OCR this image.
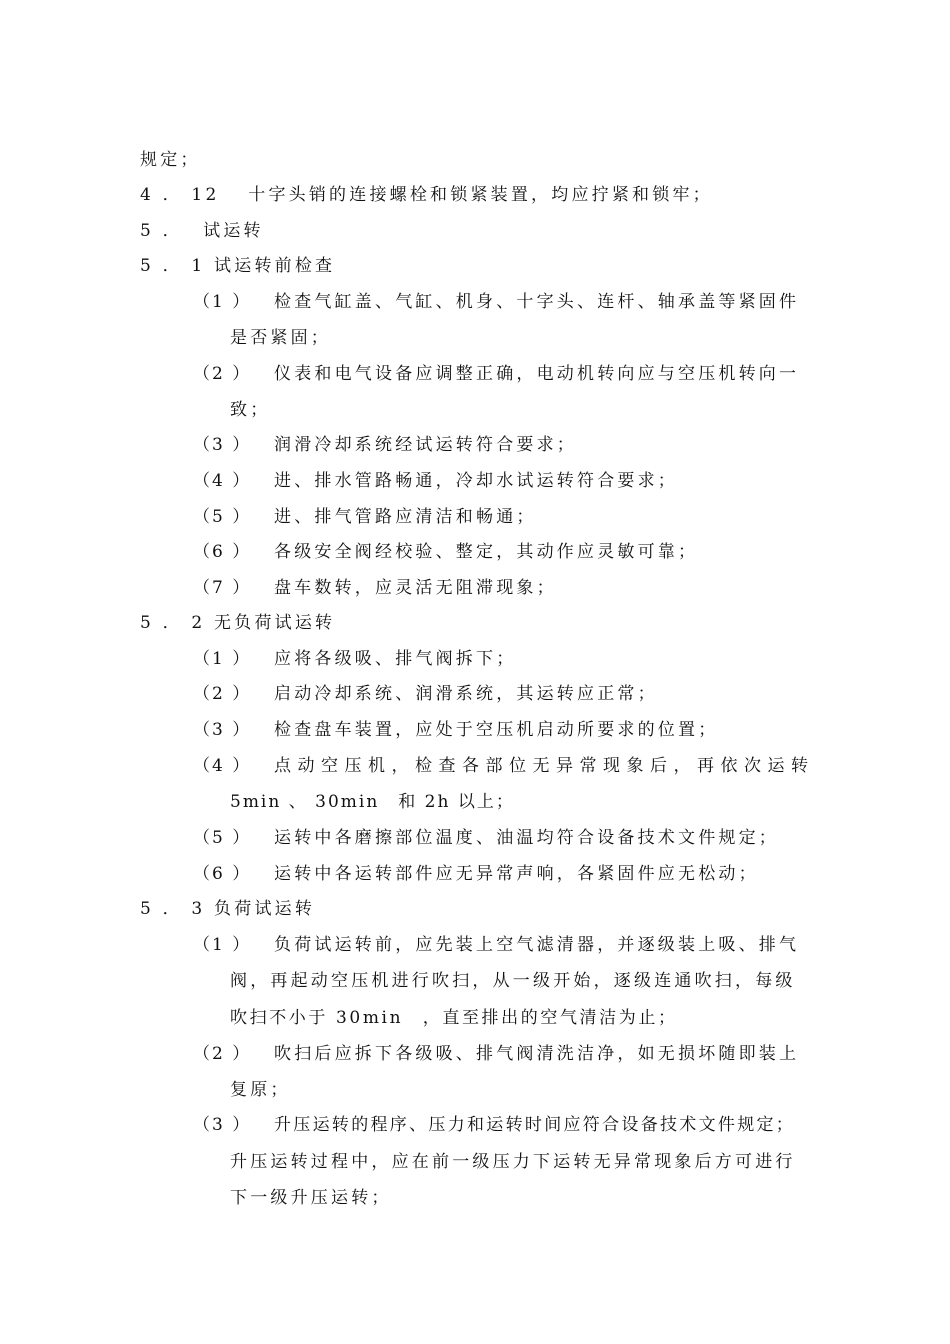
规定；
4 ． 12　 十字头销的连接螺栓和锁紧装置，均应拧紧和锁牢；
5 ．　 试运转
5 ． 1 试运转前检查
（1 ） 检查气缸盖、气缸、机身、十字头、连杆、轴承盖等紧固件
是否紧固；
（2 ） 仪表和电气设备应调整正确，电动机转向应与空压机转向一
致；
（3 ） 润滑冷却系统经试运转符合要求；
（4 ） 进、排水管路畅通，冷却水试运转符合要求；
（5 ） 进、排气管路应清洁和畅通；
（6 ） 各级安全阀经校验、整定，其动作应灵敏可靠；
（7 ） 盘车数转，应灵活无阻滞现象；
5 ． 2 无负荷试运转
（1 ） 应将各级吸、排气阀拆下；
（2 ） 启动冷却系统、润滑系统，其运转应正常；
（3 ） 检查盘车装置，应处于空压机启动所要求的位置；
（4 ） 点动空压机，检查各部位无异常现象后，再依次运转
5min 、 30min　和 2h 以上；
（5 ） 运转中各磨擦部位温度、油温均符合设备技术文件规定；
（6 ） 运转中各运转部件应无异常声响，各紧固件应无松动；
5 ． 3 负荷试运转
（1 ） 负荷试运转前，应先装上空气滤清器，并逐级装上吸、排气
阀，再起动空压机进行吹扫，从一级开始，逐级连通吹扫，每级
吹扫不小于 30min　，直至排出的空气清洁为止；
（2 ） 吹扫后应拆下各级吸、排气阀清洗洁净，如无损坏随即装上
复原；
（3 ） 升压运转的程序、压力和运转时间应符合设备技术文件规定；
升压运转过程中，应在前一级压力下运转无异常现象后方可进行
下一级升压运转；
